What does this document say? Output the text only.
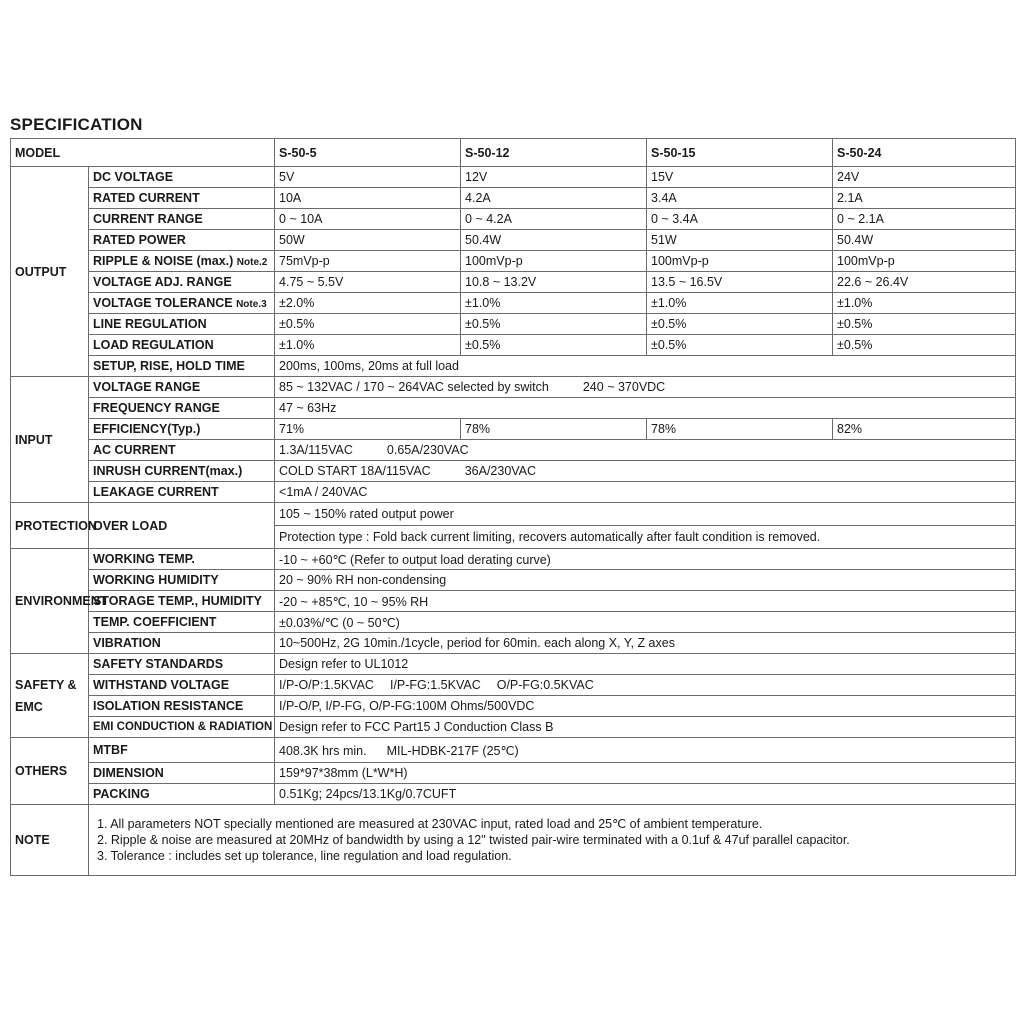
SPECIFICATION
MODEL		S-50-5	S-50-12	S-50-15	S-50-24
OUTPUT	DC VOLTAGE	5V	12V	15V	24V
	RATED CURRENT	10A	4.2A	3.4A	2.1A
	CURRENT RANGE	0 ~ 10A	0 ~ 4.2A	0 ~ 3.4A	0 ~ 2.1A
	RATED POWER	50W	50.4W	51W	50.4W
	RIPPLE & NOISE (max.) Note.2	75mVp-p	100mVp-p	100mVp-p	100mVp-p
	VOLTAGE ADJ. RANGE	4.75 ~ 5.5V	10.8 ~ 13.2V	13.5 ~ 16.5V	22.6 ~ 26.4V
	VOLTAGE TOLERANCE Note.3	±2.0%	±1.0%	±1.0%	±1.0%
	LINE REGULATION	±0.5%	±0.5%	±0.5%	±0.5%
	LOAD REGULATION	±1.0%	±0.5%	±0.5%	±0.5%
	SETUP, RISE, HOLD TIME	200ms, 100ms, 20ms at full load			
INPUT	VOLTAGE RANGE	85 ~ 132VAC / 170 ~ 264VAC selected by switch 240 ~ 370VDC			
	FREQUENCY RANGE	47 ~ 63Hz			
	EFFICIENCY(Typ.)	71%	78%	78%	82%
	AC CURRENT	1.3A/115VAC 0.65A/230VAC			
	INRUSH CURRENT(max.)	COLD START 18A/115VAC 36A/230VAC			
	LEAKAGE CURRENT	<1mA / 240VAC			
PROTECTION	OVER LOAD	105 ~ 150% rated output power			
		Protection type : Fold back current limiting, recovers automatically after fault condition is removed.			
ENVIRONMENT	WORKING TEMP.	-10 ~ +60℃ (Refer to output load derating curve)			
	WORKING HUMIDITY	20 ~ 90% RH non-condensing			
	STORAGE TEMP., HUMIDITY	-20 ~ +85℃, 10 ~ 95% RH			
	TEMP. COEFFICIENT	±0.03%/℃ (0 ~ 50℃)			
	VIBRATION	10~500Hz, 2G 10min./1cycle, period for 60min. each along X, Y, Z axes			
SAFETY &
EMC	SAFETY STANDARDS	Design refer to UL1012			
	WITHSTAND VOLTAGE	I/P-O/P:1.5KVAC I/P-FG:1.5KVAC O/P-FG:0.5KVAC			
	ISOLATION RESISTANCE	I/P-O/P, I/P-FG, O/P-FG:100M Ohms/500VDC			
	EMI CONDUCTION & RADIATION	Design refer to FCC Part15 J Conduction Class B			
OTHERS	MTBF	408.3K hrs min. MIL-HDBK-217F (25℃)			
	DIMENSION	159*97*38mm (L*W*H)			
	PACKING	0.51Kg; 24pcs/13.1Kg/0.7CUFT			
NOTE	1. All parameters NOT specially mentioned are measured at 230VAC input, rated load and 25℃ of ambient temperature.
2. Ripple & noise are measured at 20MHz of bandwidth by using a 12" twisted pair-wire terminated with a 0.1uf & 47uf parallel capacitor.
3. Tolerance : includes set up tolerance, line regulation and load regulation.				
